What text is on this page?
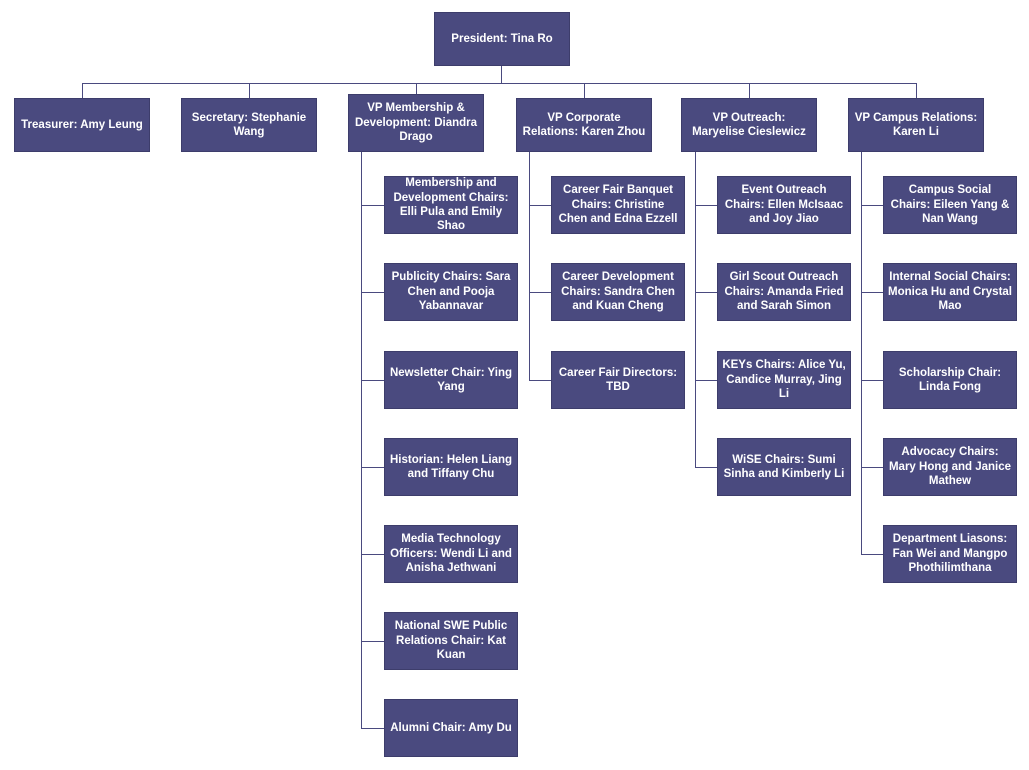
President: Tina Ro
Treasurer: Amy Leung
Secretary: Stephanie Wang
VP Membership & Development: Diandra Drago
VP Corporate Relations: Karen Zhou
VP Outreach: Maryelise Cieslewicz
VP Campus Relations: Karen Li
Membership and Development Chairs: Elli Pula and Emily Shao
Publicity Chairs: Sara Chen and Pooja Yabannavar
Newsletter Chair: Ying Yang
Historian: Helen Liang and Tiffany Chu
Media Technology Officers: Wendi Li and Anisha Jethwani
National SWE Public Relations Chair: Kat Kuan
Alumni Chair: Amy Du
Career Fair Banquet Chairs: Christine Chen and Edna Ezzell
Career Development Chairs: Sandra Chen and Kuan Cheng
Career Fair Directors: TBD
Event Outreach Chairs: Ellen McIsaac and Joy Jiao
Girl Scout Outreach Chairs: Amanda Fried and Sarah Simon
KEYs Chairs: Alice Yu, Candice Murray, Jing Li
WiSE Chairs: Sumi Sinha and Kimberly Li
Campus Social Chairs: Eileen Yang & Nan Wang
Internal Social Chairs: Monica Hu and Crystal Mao
Scholarship Chair: Linda Fong
Advocacy Chairs: Mary Hong and Janice Mathew
Department Liasons: Fan Wei and Mangpo Phothilimthana
